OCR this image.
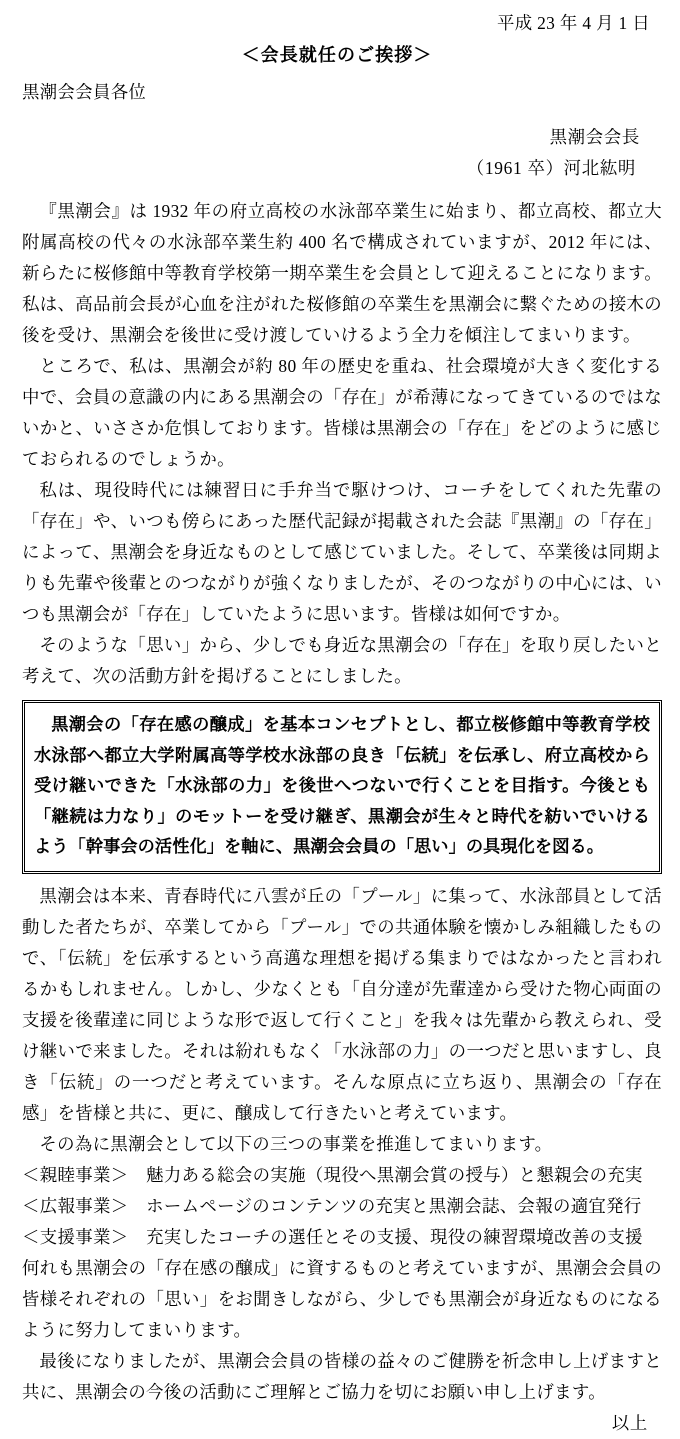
平成 23 年 4 月 1 日
＜会長就任のご挨拶＞
黒潮会会員各位
黒潮会会長
（1961 卒）河北紘明

『黒潮会』は 1932 年の府立高校の水泳部卒業生に始まり、都立高校、都立大附属高校の代々の水泳部卒業生約 400 名で構成されていますが、2012 年には、新らたに桜修館中等教育学校第一期卒業生を会員として迎えることになります。私は、高品前会長が心血を注がれた桜修館の卒業生を黒潮会に繋ぐための接木の後を受け、黒潮会を後世に受け渡していけるよう全力を傾注してまいります。

ところで、私は、黒潮会が約 80 年の歴史を重ね、社会環境が大きく変化する中で、会員の意識の内にある黒潮会の「存在」が希薄になってきているのではないかと、いささか危惧しております。皆様は黒潮会の「存在」をどのように感じておられるのでしょうか。

私は、現役時代には練習日に手弁当で駆けつけ、コーチをしてくれた先輩の「存在」や、いつも傍らにあった歴代記録が掲載された会誌『黒潮』の「存在」によって、黒潮会を身近なものとして感じていました。そして、卒業後は同期よりも先輩や後輩とのつながりが強くなりましたが、そのつながりの中心には、いつも黒潮会が「存在」していたように思います。皆様は如何ですか。

そのような「思い」から、少しでも身近な黒潮会の「存在」を取り戻したいと考えて、次の活動方針を掲げることにしました。

黒潮会の「存在感の醸成」を基本コンセプトとし、都立桜修館中等教育学校水泳部へ都立大学附属高等学校水泳部の良き「伝統」を伝承し、府立高校から受け継いできた「水泳部の力」を後世へつないで行くことを目指す。今後とも「継続は力なり」のモットーを受け継ぎ、黒潮会が生々と時代を紡いでいけるよう「幹事会の活性化」を軸に、黒潮会会員の「思い」の具現化を図る。

黒潮会は本来、青春時代に八雲が丘の「プール」に集って、水泳部員として活動した者たちが、卒業してから「プール」での共通体験を懐かしみ組織したもので、「伝統」を伝承するという高邁な理想を掲げる集まりではなかったと言われるかもしれません。しかし、少なくとも「自分達が先輩達から受けた物心両面の支援を後輩達に同じような形で返して行くこと」を我々は先輩から教えられ、受け継いで来ました。それは紛れもなく「水泳部の力」の一つだと思いますし、良き「伝統」の一つだと考えています。そんな原点に立ち返り、黒潮会の「存在感」を皆様と共に、更に、醸成して行きたいと考えています。

その為に黒潮会として以下の三つの事業を推進してまいります。

＜親睦事業＞　魅力ある総会の実施（現役へ黒潮会賞の授与）と懇親会の充実
＜広報事業＞　ホームページのコンテンツの充実と黒潮会誌、会報の適宜発行
＜支援事業＞　充実したコーチの選任とその支援、現役の練習環境改善の支援

何れも黒潮会の「存在感の醸成」に資するものと考えていますが、黒潮会会員の皆様それぞれの「思い」をお聞きしながら、少しでも黒潮会が身近なものになるように努力してまいります。

最後になりましたが、黒潮会会員の皆様の益々のご健勝を祈念申し上げますと共に、黒潮会の今後の活動にご理解とご協力を切にお願い申し上げます。

以上
